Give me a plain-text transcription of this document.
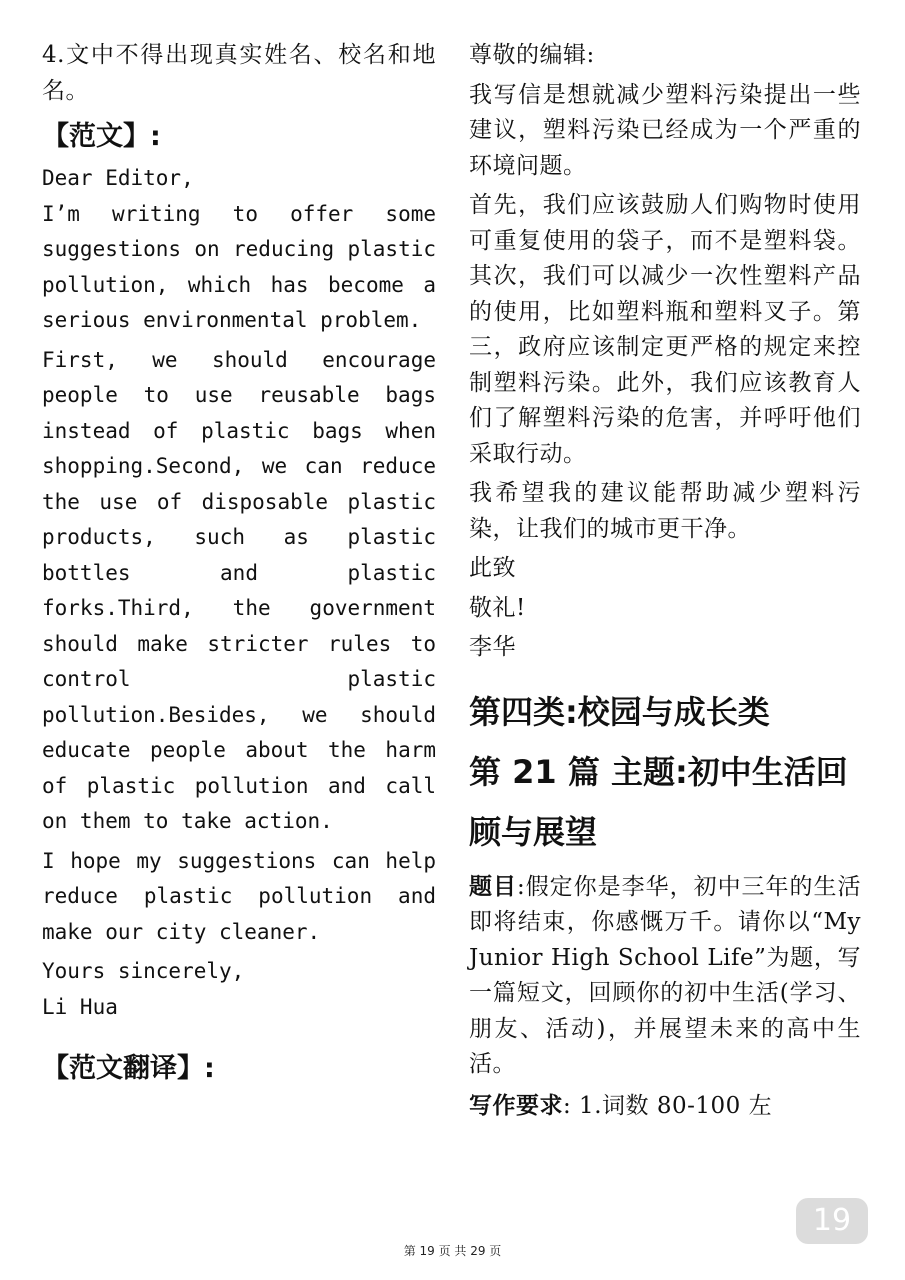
4.文中不得出现真实姓名、校名和地名。

【范文】:

Dear Editor,

I’m writing to offer some suggestions on reducing plastic pollution, which has become a serious environmental problem.

First, we should encourage people to use reusable bags instead of plastic bags when shopping.Second, we can reduce the use of disposable plastic products, such as plastic bottles and plastic forks.Third, the government should make stricter rules to control plastic pollution.Besides, we should educate people about the harm of plastic pollution and call on them to take action.

I hope my suggestions can help reduce plastic pollution and make our city cleaner.

Yours sincerely,

Li Hua

【范文翻译】:

尊敬的编辑:

我写信是想就减少塑料污染提出一些建议，塑料污染已经成为一个严重的环境问题。

首先，我们应该鼓励人们购物时使用可重复使用的袋子，而不是塑料袋。其次，我们可以减少一次性塑料产品的使用，比如塑料瓶和塑料叉子。第三，政府应该制定更严格的规定来控制塑料污染。此外，我们应该教育人们了解塑料污染的危害，并呼吁他们采取行动。

我希望我的建议能帮助减少塑料污染，让我们的城市更干净。

此致

敬礼!

李华

第四类:校园与成长类

第 21 篇 主题:初中生活回顾与展望

题目:假定你是李华，初中三年的生活即将结束，你感慨万千。请你以“My Junior High School Life”为题，写一篇短文，回顾你的初中生活(学习、朋友、活动)，并展望未来的高中生活。

写作要求: 1.词数 80-100 左

19
第 19 页 共 29 页
